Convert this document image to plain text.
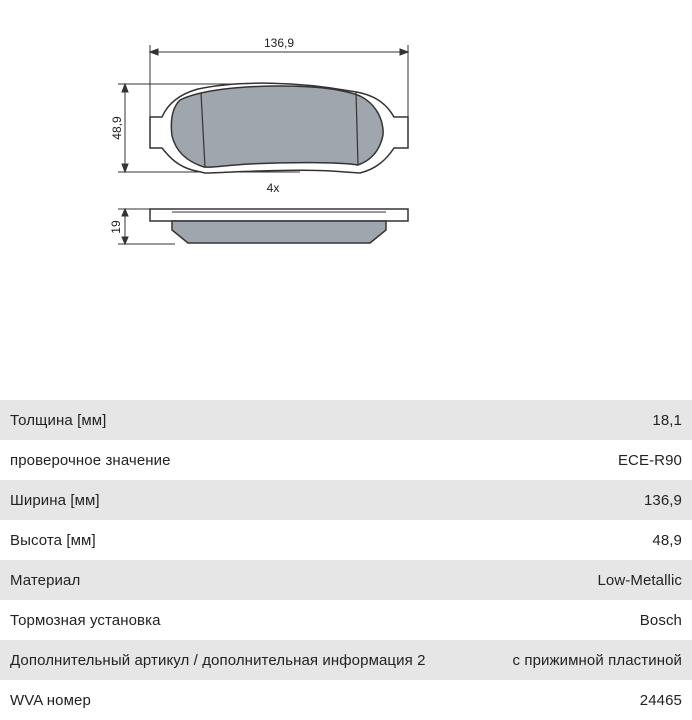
136,9
48,9
4x
19
Толщина [мм]	18,1
проверочное значение	ECE-R90
Ширина [мм]	136,9
Высота [мм]	48,9
Материал	Low-Metallic
Тормозная установка	Bosch
Дополнительный артикул / дополнительная информация 2	с прижимной пластиной
WVA номер	24465
